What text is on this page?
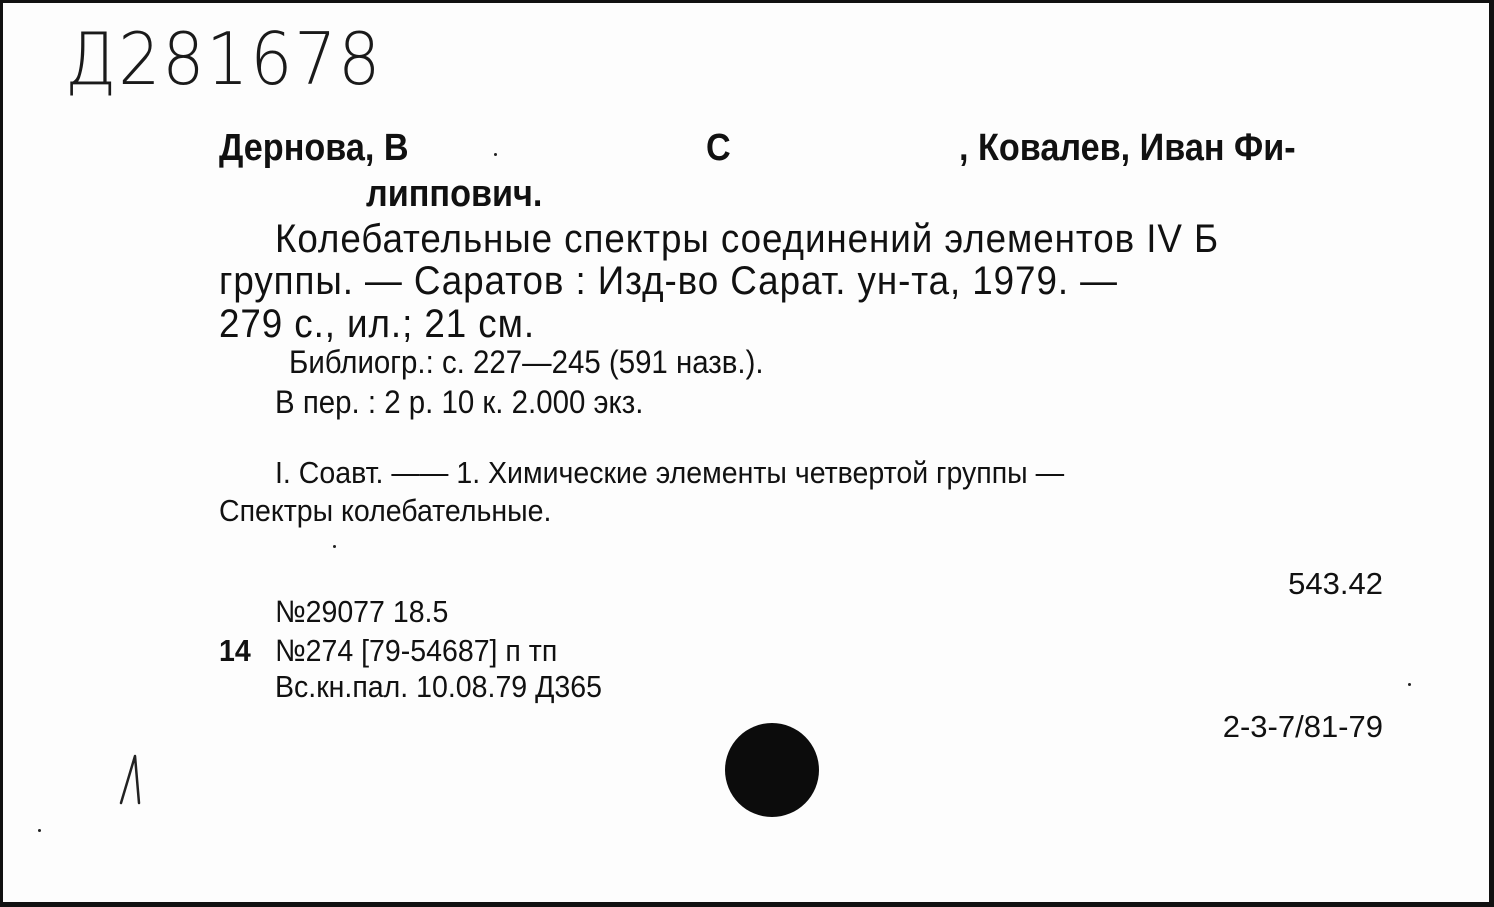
Д281678
Дернова, В	С	, Ковалев, Иван Фи-
липпович.
Колебательные спектры соединений элементов IV Б
группы. — Саратов : Изд-во Сарат. ун-та, 1979. —
279 с., ил.; 21 см.
Библиогр.: с. 227—245 (591 назв.).
В пер. : 2 р. 10 к. 2.000 экз.
I. Соавт. —— 1. Химические элементы четвертой группы —
Спектры колебательные.
543.42
№29077 18.5
14 №274 [79-54687] п тп
Вс.кн.пал. 10.08.79 Д365
2-3-7/81-79
